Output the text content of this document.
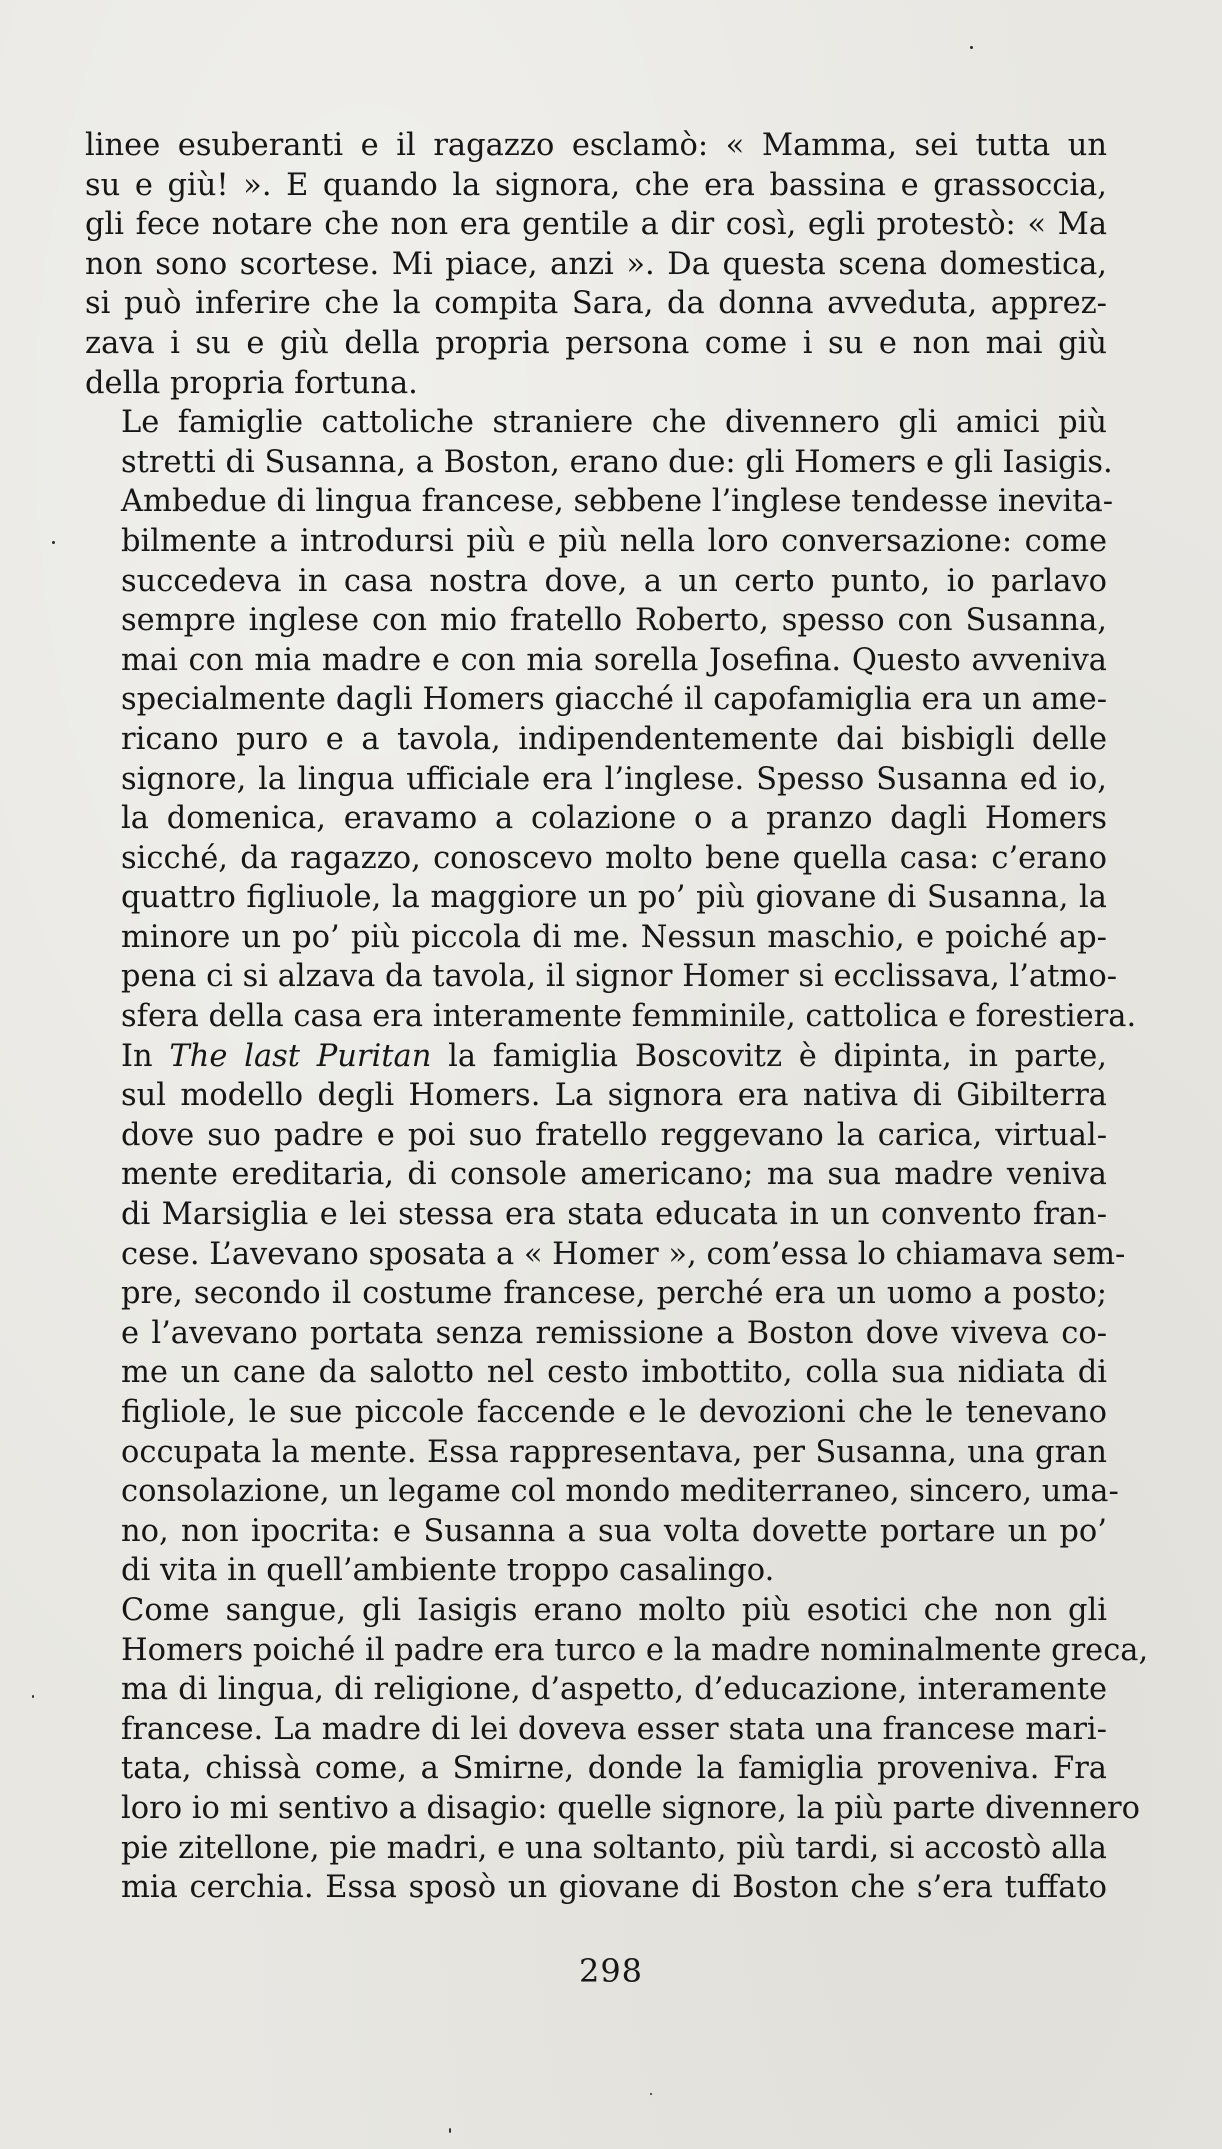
linee esuberanti e il ragazzo esclamò: « Mamma, sei tutta un
su e giù! ». E quando la signora, che era bassina e grassoccia,
gli fece notare che non era gentile a dir così, egli protestò: « Ma
non sono scortese. Mi piace, anzi ». Da questa scena domestica,
si può inferire che la compita Sara, da donna avveduta, apprez-
zava i su e giù della propria persona come i su e non mai giù
della propria fortuna.

Le famiglie cattoliche straniere che divennero gli amici più
stretti di Susanna, a Boston, erano due: gli Homers e gli Iasigis.
Ambedue di lingua francese, sebbene l’inglese tendesse inevita-
bilmente a introdursi più e più nella loro conversazione: come
succedeva in casa nostra dove, a un certo punto, io parlavo
sempre inglese con mio fratello Roberto, spesso con Susanna,
mai con mia madre e con mia sorella Josefina. Questo avveniva
specialmente dagli Homers giacché il capofamiglia era un ame-
ricano puro e a tavola, indipendentemente dai bisbigli delle
signore, la lingua ufficiale era l’inglese. Spesso Susanna ed io,
la domenica, eravamo a colazione o a pranzo dagli Homers
sicché, da ragazzo, conoscevo molto bene quella casa: c’erano
quattro figliuole, la maggiore un po’ più giovane di Susanna, la
minore un po’ più piccola di me. Nessun maschio, e poiché ap-
pena ci si alzava da tavola, il signor Homer si ecclissava, l’atmo-
sfera della casa era interamente femminile, cattolica e forestiera.

In The last Puritan la famiglia Boscovitz è dipinta, in parte,
sul modello degli Homers. La signora era nativa di Gibilterra
dove suo padre e poi suo fratello reggevano la carica, virtual-
mente ereditaria, di console americano; ma sua madre veniva
di Marsiglia e lei stessa era stata educata in un convento fran-
cese. L’avevano sposata a « Homer », com’essa lo chiamava sem-
pre, secondo il costume francese, perché era un uomo a posto;
e l’avevano portata senza remissione a Boston dove viveva co-
me un cane da salotto nel cesto imbottito, colla sua nidiata di
figliole, le sue piccole faccende e le devozioni che le tenevano
occupata la mente. Essa rappresentava, per Susanna, una gran
consolazione, un legame col mondo mediterraneo, sincero, uma-
no, non ipocrita: e Susanna a sua volta dovette portare un po’
di vita in quell’ambiente troppo casalingo.

Come sangue, gli Iasigis erano molto più esotici che non gli
Homers poiché il padre era turco e la madre nominalmente greca,
ma di lingua, di religione, d’aspetto, d’educazione, interamente
francese. La madre di lei doveva esser stata una francese mari-
tata, chissà come, a Smirne, donde la famiglia proveniva. Fra
loro io mi sentivo a disagio: quelle signore, la più parte divennero
pie zitellone, pie madri, e una soltanto, più tardi, si accostò alla
mia cerchia. Essa sposò un giovane di Boston che s’era tuffato

298
